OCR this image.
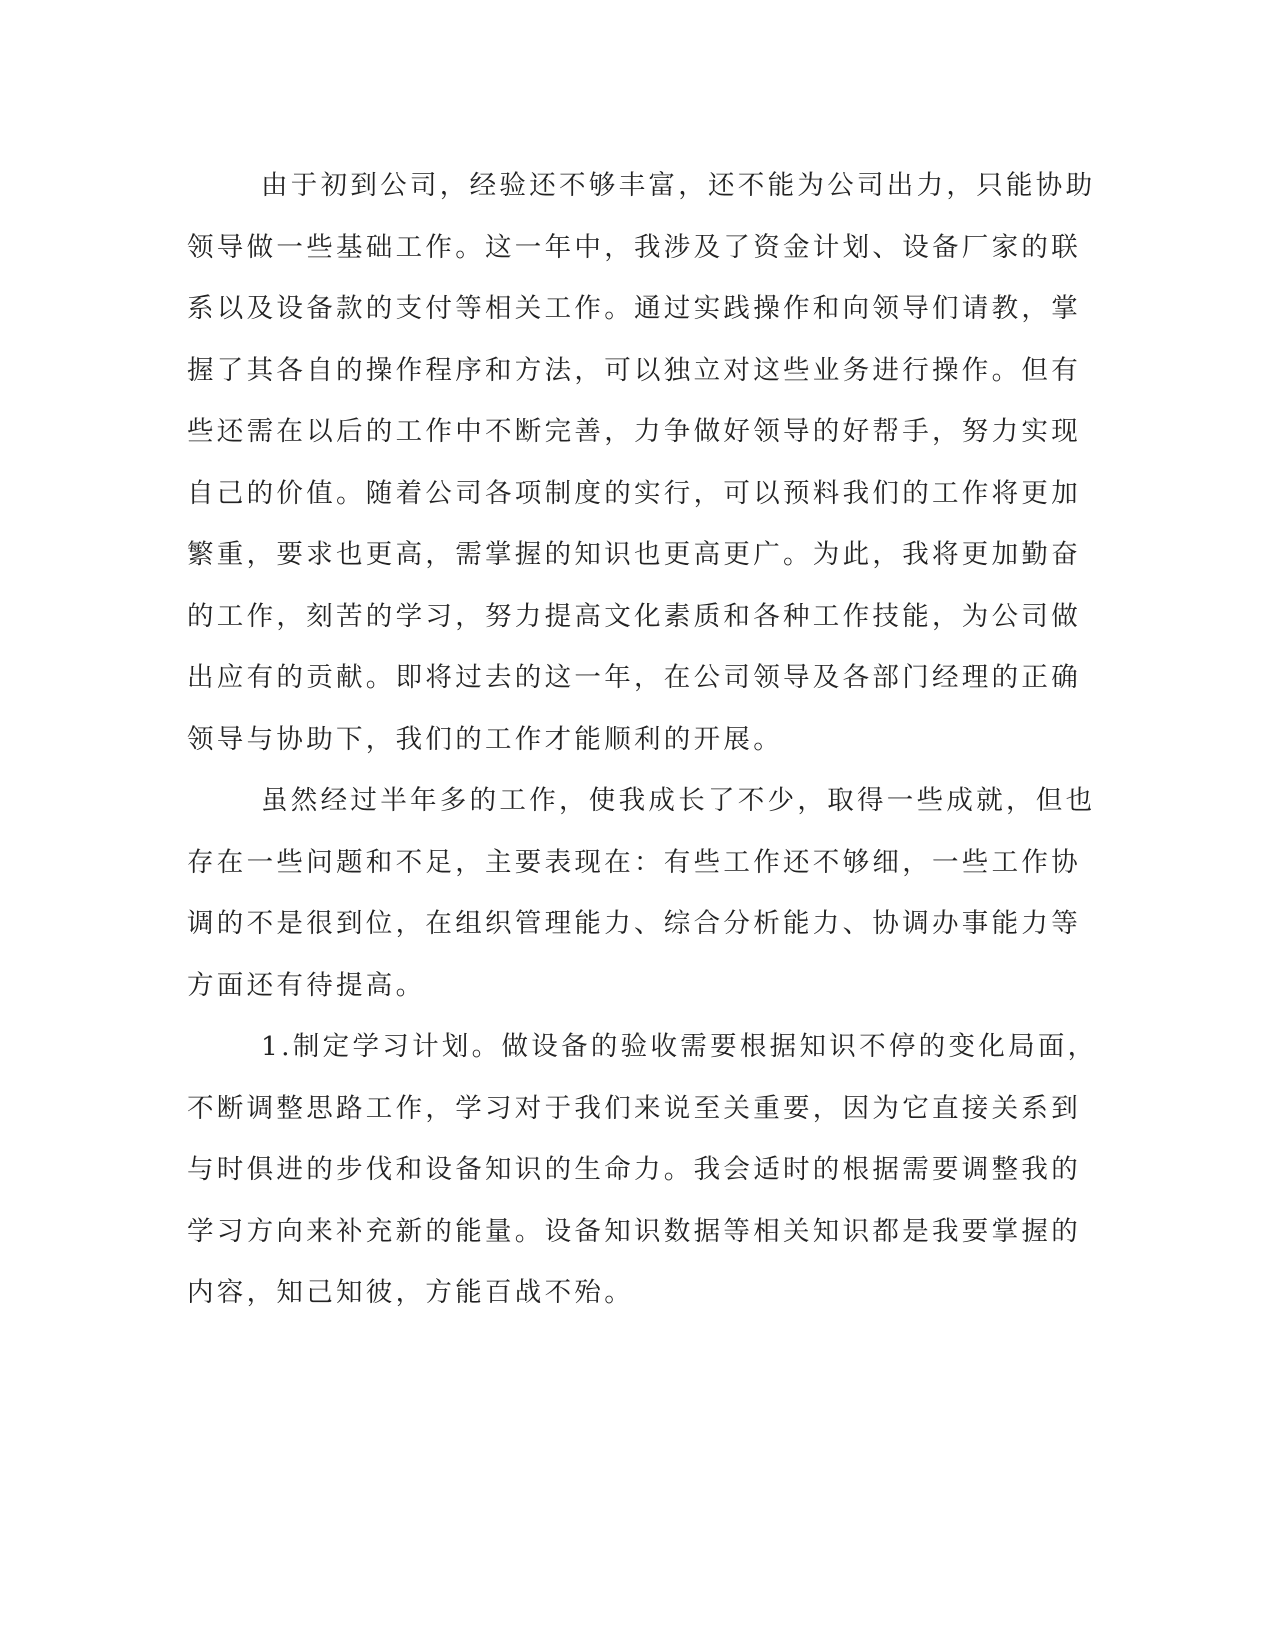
由于初到公司，经验还不够丰富，还不能为公司出力，只能协助
领导做一些基础工作。这一年中，我涉及了资金计划、设备厂家的联
系以及设备款的支付等相关工作。通过实践操作和向领导们请教，掌
握了其各自的操作程序和方法，可以独立对这些业务进行操作。但有
些还需在以后的工作中不断完善，力争做好领导的好帮手，努力实现
自己的价值。随着公司各项制度的实行，可以预料我们的工作将更加
繁重，要求也更高，需掌握的知识也更高更广。为此，我将更加勤奋
的工作，刻苦的学习，努力提高文化素质和各种工作技能，为公司做
出应有的贡献。即将过去的这一年，在公司领导及各部门经理的正确
领导与协助下，我们的工作才能顺利的开展。
虽然经过半年多的工作，使我成长了不少，取得一些成就，但也
存在一些问题和不足，主要表现在：有些工作还不够细，一些工作协
调的不是很到位，在组织管理能力、综合分析能力、协调办事能力等
方面还有待提高。
1.制定学习计划。做设备的验收需要根据知识不停的变化局面，
不断调整思路工作，学习对于我们来说至关重要，因为它直接关系到
与时俱进的步伐和设备知识的生命力。我会适时的根据需要调整我的
学习方向来补充新的能量。设备知识数据等相关知识都是我要掌握的
内容，知己知彼，方能百战不殆。
